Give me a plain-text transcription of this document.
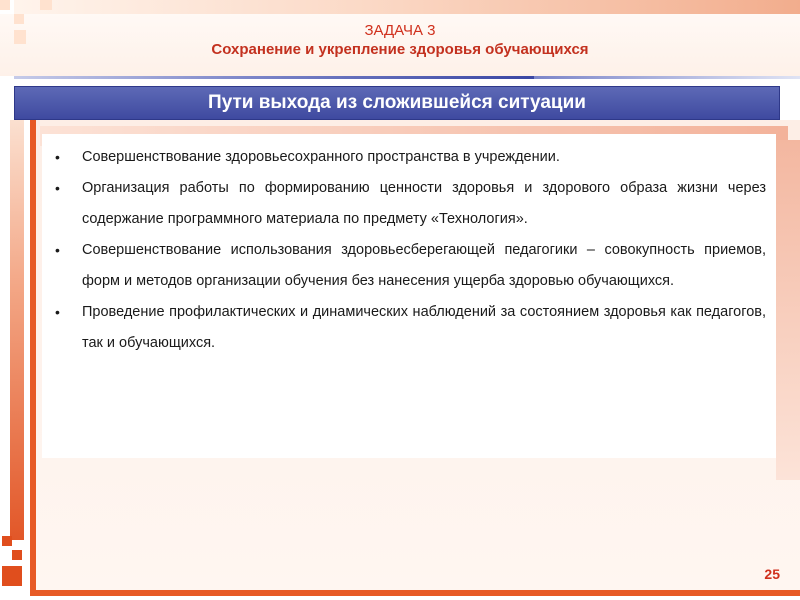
ЗАДАЧА 3
Сохранение и укрепление здоровья обучающихся
Пути выхода из сложившейся ситуации
• Совершенствование здоровьесохранного пространства в учреждении.
• Организация работы по формированию ценности здоровья и здорового образа жизни через содержание программного материала по предмету «Технология».
• Совершенствование использования здоровьесберегающей педагогики – совокупность приемов, форм и методов организации обучения без нанесения ущерба здоровью обучающихся.
• Проведение профилактических и динамических наблюдений за состоянием здоровья как педагогов, так и обучающихся.
25
